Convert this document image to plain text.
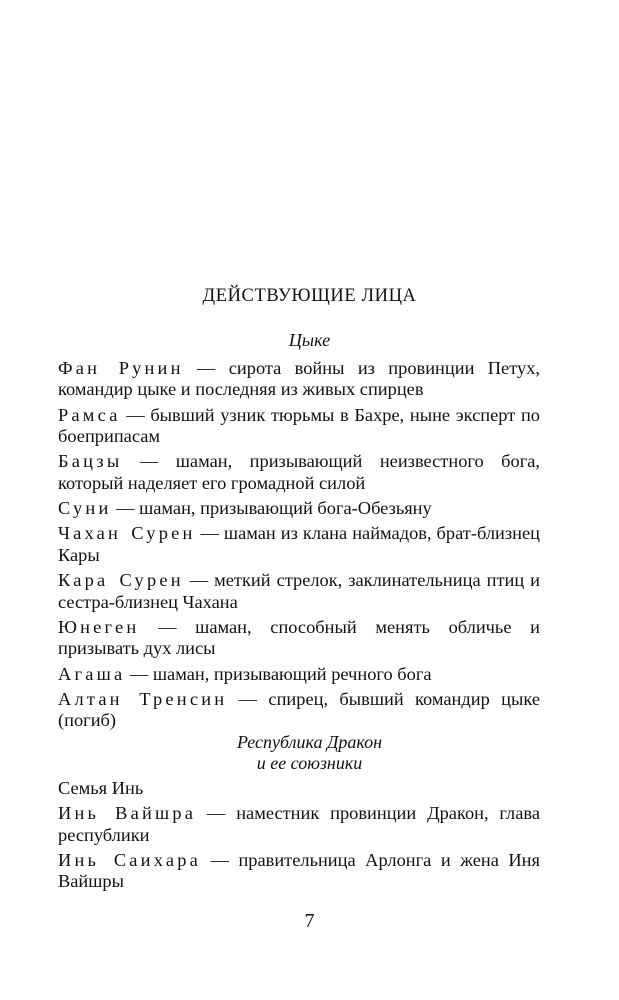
ДЕЙСТВУЮЩИЕ ЛИЦА
Цыке

Фан Рунин — сирота войны из провинции Петух, командир цыке и последняя из живых спирцев

Рамса — бывший узник тюрьмы в Бахре, ныне эксперт по боеприпасам

Бацзы — шаман, призывающий неизвестного бога, который наделяет его громадной силой

Суни — шаман, призывающий бога-Обезьяну

Чахан Сурен — шаман из клана наймадов, брат-близнец Кары

Кара Сурен — меткий стрелок, заклинательница птиц и сестра-близнец Чахана

Юнеген — шаман, способный менять обличье и призывать дух лисы

Агаша — шаман, призывающий речного бога

Алтан Тренсин — спирец, бывший командир цыке (погиб)

Республика Дракон
и ее союзники

Семья Инь

Инь Вайшра — наместник провинции Дракон, глава республики

Инь Саихара — правительница Арлонга и жена Иня Вайшры

7
